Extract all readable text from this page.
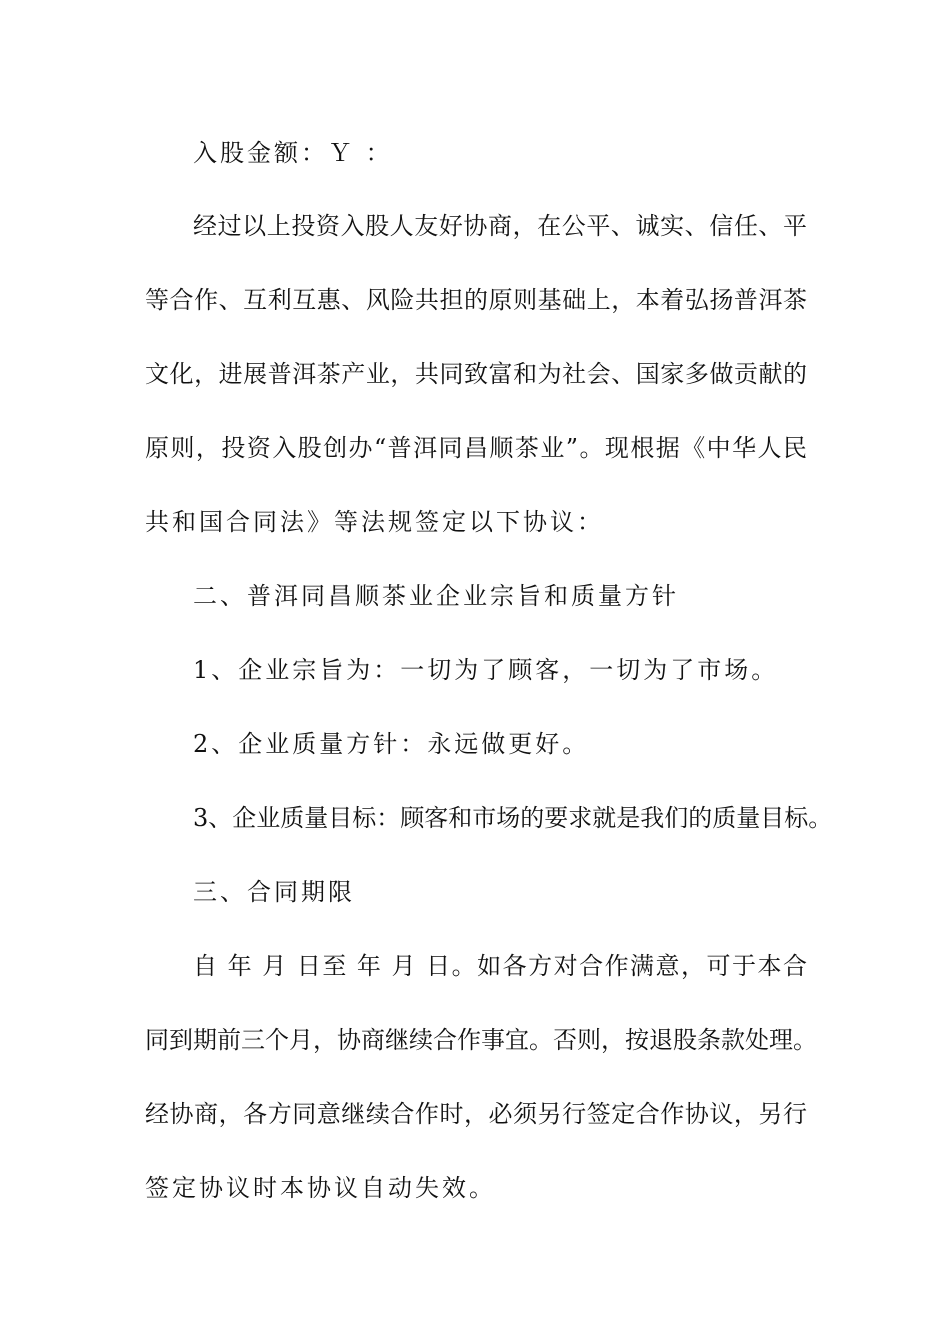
入股金额：Ｙ ：
经过以上投资入股人友好协商，在公平、诚实、信任、平
等合作、互利互惠、风险共担的原则基础上，本着弘扬普洱茶
文化，进展普洱茶产业，共同致富和为社会、国家多做贡献的
原则，投资入股创办“普洱同昌顺茶业”。现根据《中华人民
共和国合同法》等法规签定以下协议：
二、普洱同昌顺茶业企业宗旨和质量方针
1、企业宗旨为：一切为了顾客，一切为了市场。
2、企业质量方针：永远做更好。
3、企业质量目标：顾客和市场的要求就是我们的质量目标。
三、合同期限
自 年 月 日至 年 月 日。如各方对合作满意，可于本合
同到期前三个月，协商继续合作事宜。否则，按退股条款处理。
经协商，各方同意继续合作时，必须另行签定合作协议，另行
签定协议时本协议自动失效。
